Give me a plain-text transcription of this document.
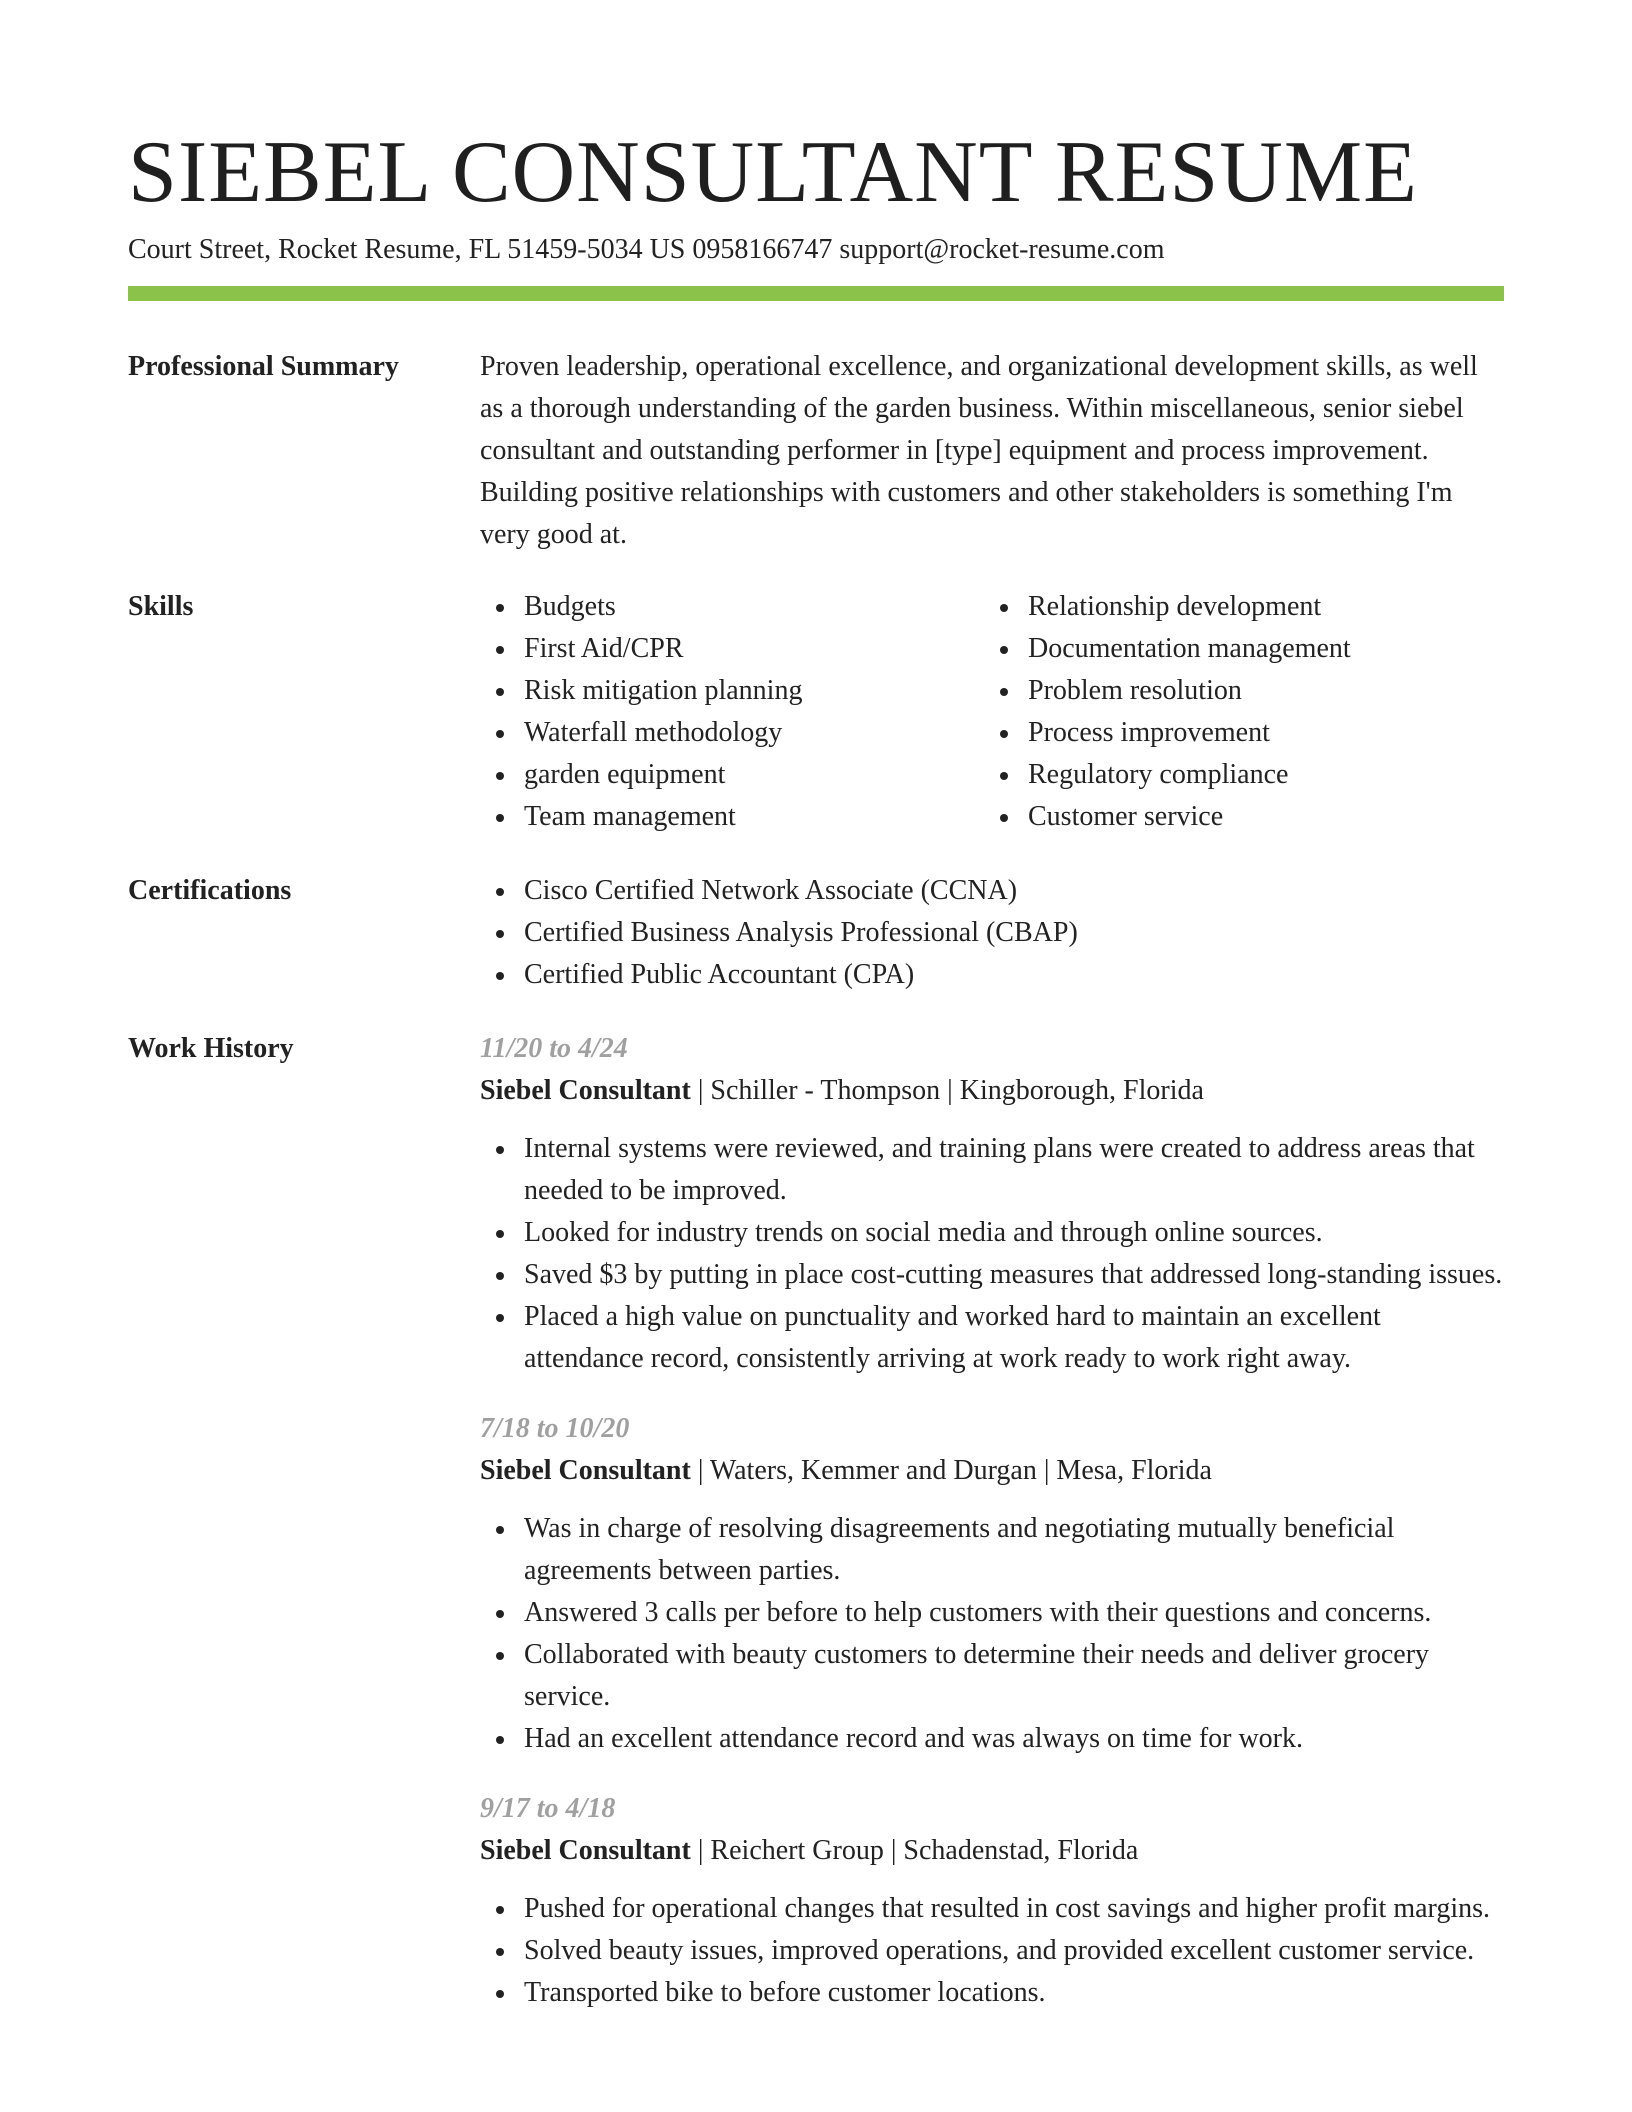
SIEBEL CONSULTANT RESUME
Court Street, Rocket Resume, FL 51459-5034 US 0958166747 support@rocket-resume.com
Professional Summary	Proven leadership, operational excellence, and organizational development skills, as well as a thorough understanding of the garden business. Within miscellaneous, senior siebel consultant and outstanding performer in [type] equipment and process improvement. Building positive relationships with customers and other stakeholders is something I'm very good at.

Skills	Budgets
First Aid/CPR
Risk mitigation planning
Waterfall methodology
garden equipment
Team management
Relationship development
Documentation management
Problem resolution
Process improvement
Regulatory compliance
Customer service
Certifications	Cisco Certified Network Associate (CCNA)
Certified Business Analysis Professional (CBAP)
Certified Public Accountant (CPA)
Work History	11/20 to 4/24
Siebel Consultant | Schiller - Thompson | Kingborough, Florida
Internal systems were reviewed, and training plans were created to address areas that needed to be improved.
Looked for industry trends on social media and through online sources.
Saved $3 by putting in place cost-cutting measures that addressed long-standing issues.
Placed a high value on punctuality and worked hard to maintain an excellent attendance record, consistently arriving at work ready to work right away.
7/18 to 10/20
Siebel Consultant | Waters, Kemmer and Durgan | Mesa, Florida
Was in charge of resolving disagreements and negotiating mutually beneficial agreements between parties.
Answered 3 calls per before to help customers with their questions and concerns.
Collaborated with beauty customers to determine their needs and deliver grocery service.
Had an excellent attendance record and was always on time for work.
9/17 to 4/18
Siebel Consultant | Reichert Group | Schadenstad, Florida
Pushed for operational changes that resulted in cost savings and higher profit margins.
Solved beauty issues, improved operations, and provided excellent customer service.
Transported bike to before customer locations.
